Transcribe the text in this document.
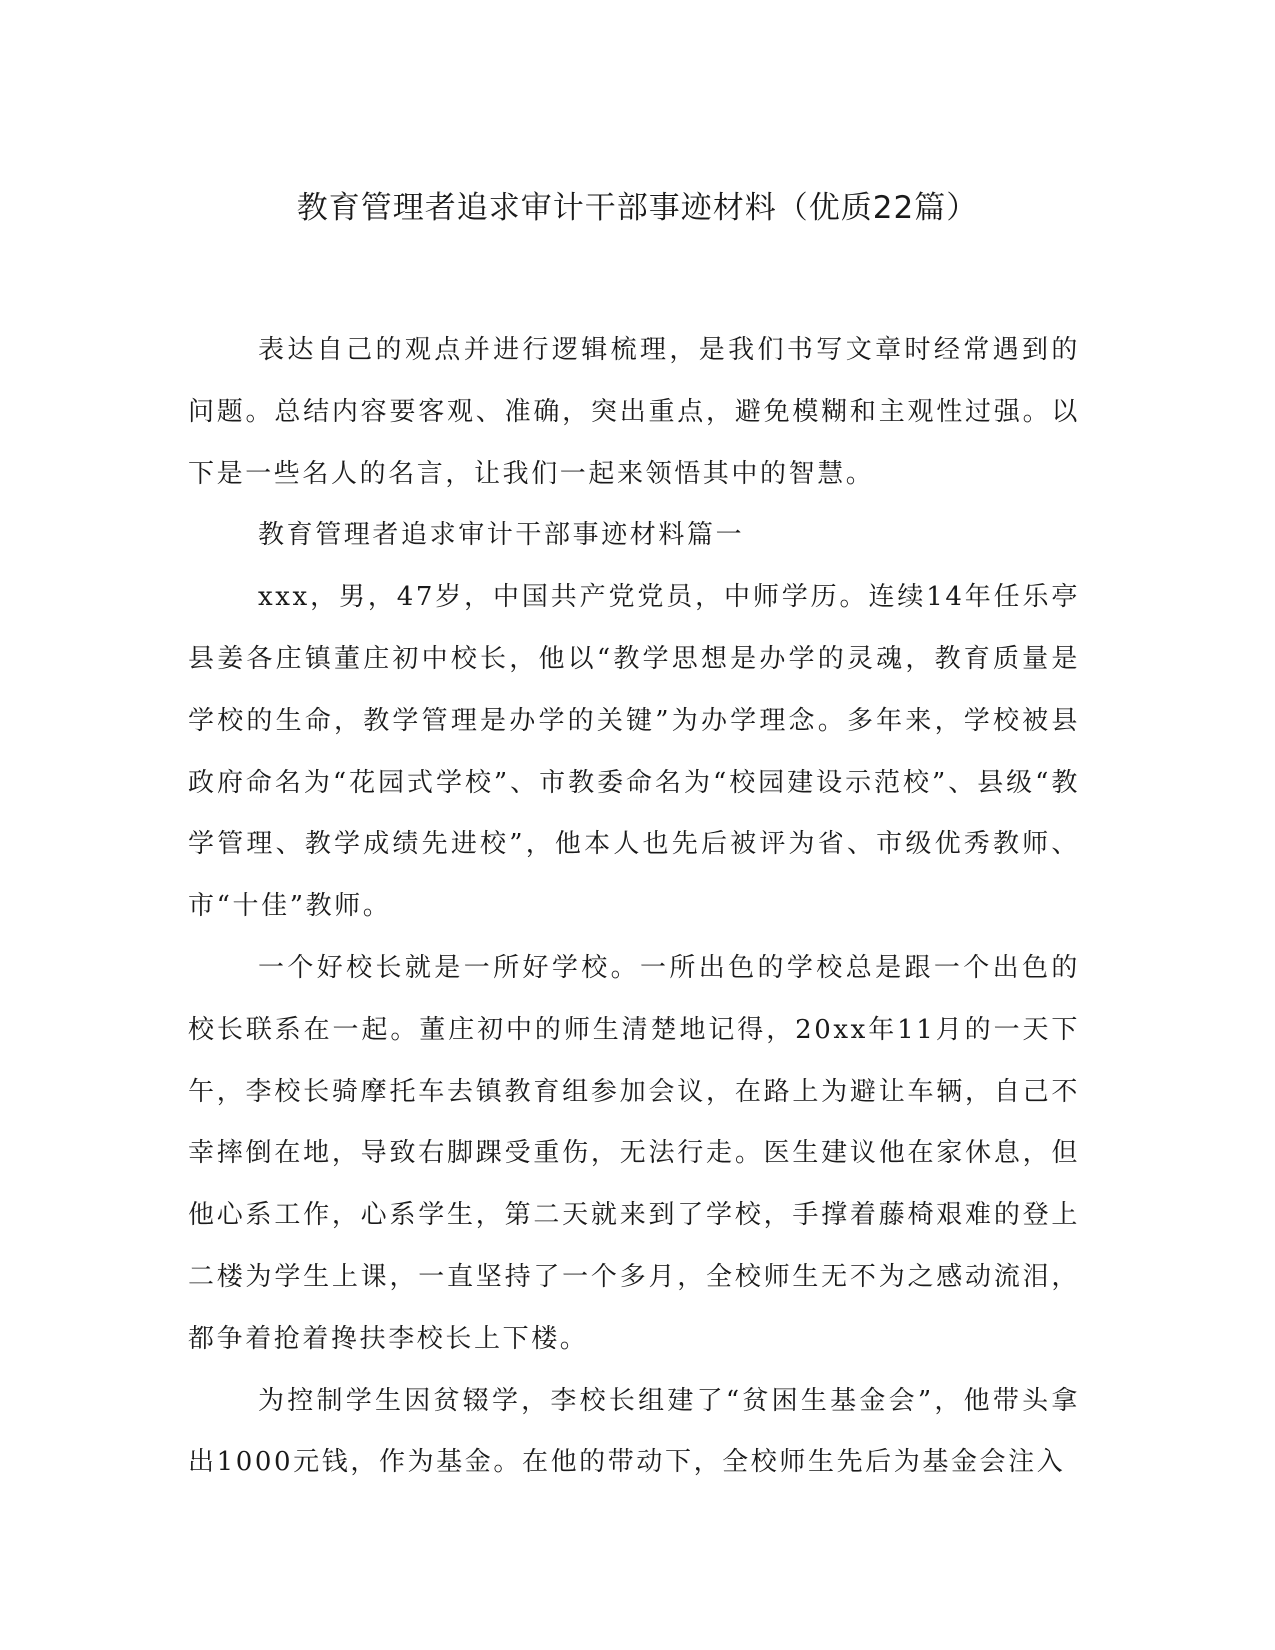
教育管理者追求审计干部事迹材料（优质22篇）

表达自己的观点并进行逻辑梳理，是我们书写文章时经常遇到的问题。总结内容要客观、准确，突出重点，避免模糊和主观性过强。以下是一些名人的名言，让我们一起来领悟其中的智慧。

教育管理者追求审计干部事迹材料篇一

xxx，男，47岁，中国共产党党员，中师学历。连续14年任乐亭县姜各庄镇董庄初中校长，他以“教学思想是办学的灵魂，教育质量是学校的生命，教学管理是办学的关键”为办学理念。多年来，学校被县政府命名为“花园式学校”、市教委命名为“校园建设示范校”、县级“教学管理、教学成绩先进校”，他本人也先后被评为省、市级优秀教师、市“十佳”教师。

一个好校长就是一所好学校。一所出色的学校总是跟一个出色的校长联系在一起。董庄初中的师生清楚地记得，20xx年11月的一天下午，李校长骑摩托车去镇教育组参加会议，在路上为避让车辆，自己不幸摔倒在地，导致右脚踝受重伤，无法行走。医生建议他在家休息，但他心系工作，心系学生，第二天就来到了学校，手撑着藤椅艰难的登上二楼为学生上课，一直坚持了一个多月，全校师生无不为之感动流泪，都争着抢着搀扶李校长上下楼。

为控制学生因贫辍学，李校长组建了“贫困生基金会”，他带头拿出1000元钱，作为基金。在他的带动下，全校师生先后为基金会注入
